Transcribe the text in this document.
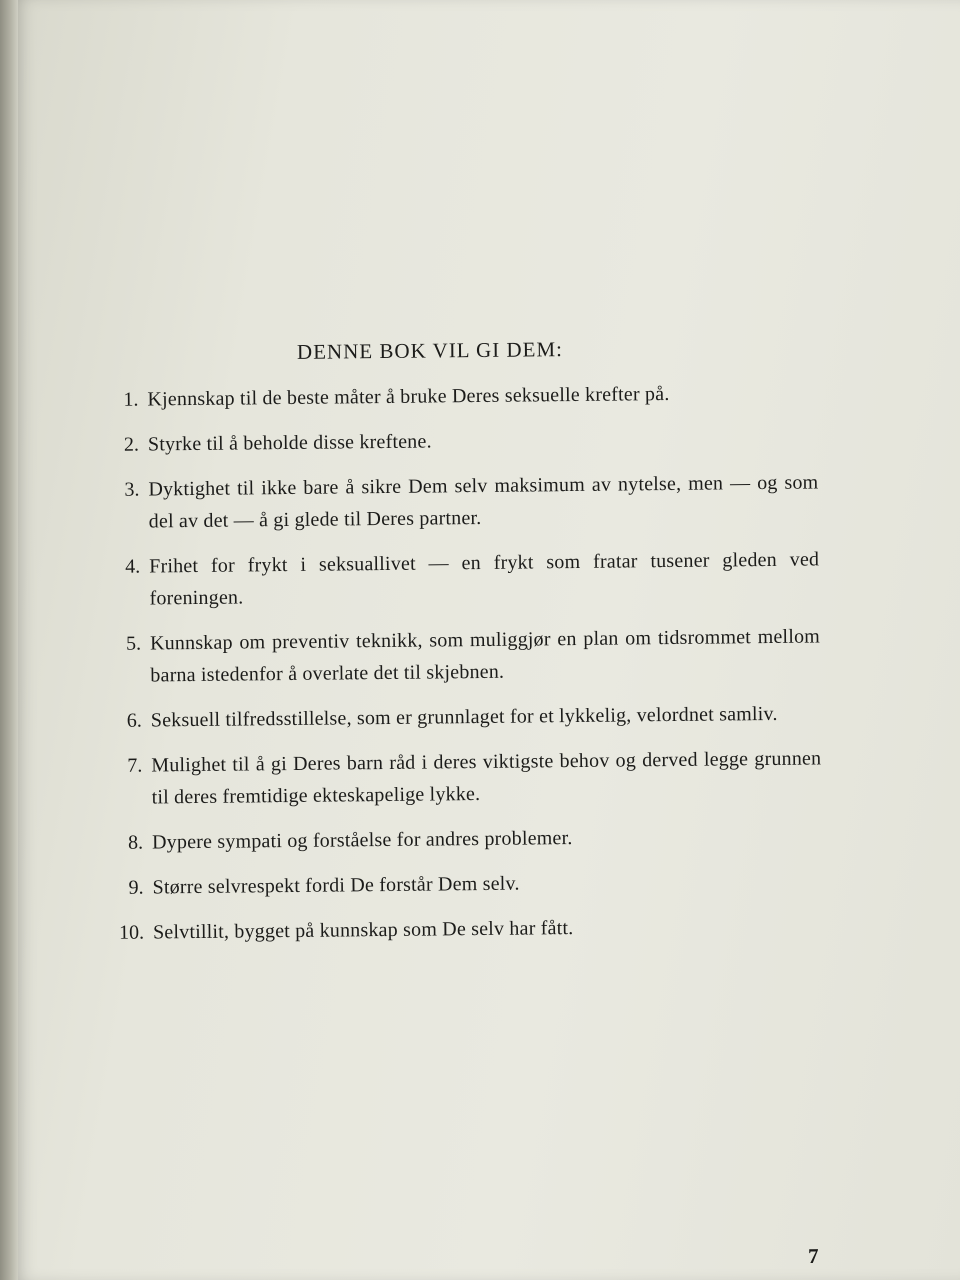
DENNE BOK VIL GI DEM:
1. Kjennskap til de beste måter å bruke Deres seksuelle krefter på.
2. Styrke til å beholde disse kreftene.
3. Dyktighet til ikke bare å sikre Dem selv maksimum av nytelse, men — og som del av det — å gi glede til Deres partner.
4. Frihet for frykt i seksuallivet — en frykt som fratar tusener gleden ved foreningen.
5. Kunnskap om preventiv teknikk, som muliggjør en plan om tidsrommet mellom barna istedenfor å overlate det til skjebnen.
6. Seksuell tilfredsstillelse, som er grunnlaget for et lykkelig, velordnet samliv.
7. Mulighet til å gi Deres barn råd i deres viktigste behov og derved legge grunnen til deres fremtidige ekteskapelige lykke.
8. Dypere sympati og forståelse for andres problemer.
9. Større selvrespekt fordi De forstår Dem selv.
10. Selvtillit, bygget på kunnskap som De selv har fått.
7
